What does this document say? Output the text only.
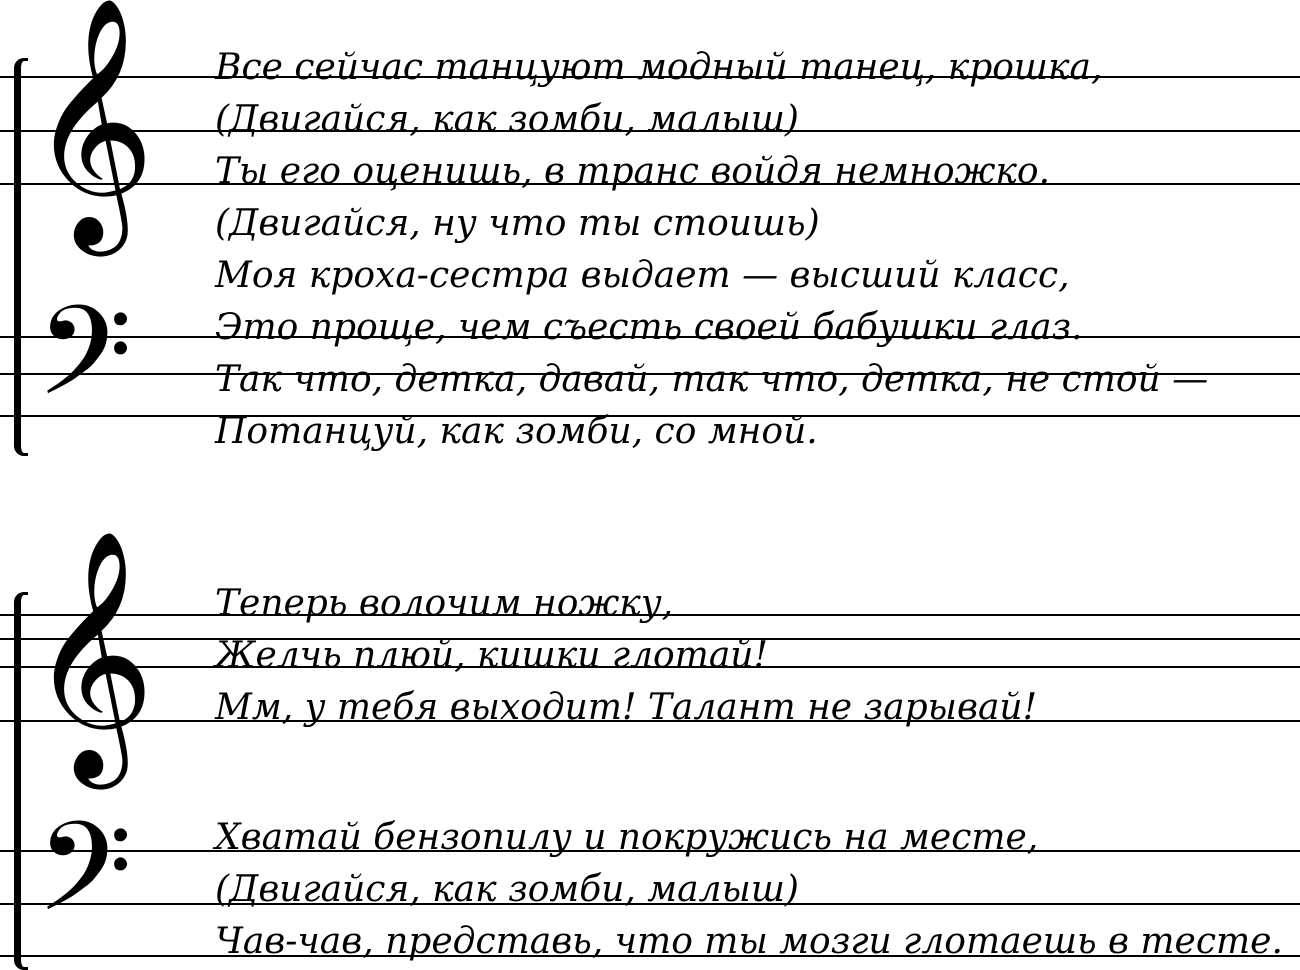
𝄞
𝄢

Все сейчас танцуют модный танец, крошка,

(Двигайся, как зомби, малыш)

Ты его оценишь, в транс войдя немножко.

(Двигайся, ну что ты стоишь)

Моя кроха-сестра выдает — высший класс,

Это проще, чем съесть своей бабушки глаз.

Так что, детка, давай, так что, детка, не стой —

Потанцуй, как зомби, со мной.

𝄞
𝄢

Теперь волочим ножку,

Желчь плюй, кишки глотай!

Мм, у тебя выходит! Талант не зарывай!

Хватай бензопилу и покружись на месте,

(Двигайся, как зомби, малыш)

Чав-чав, представь, что ты мозги глотаешь в тесте.
